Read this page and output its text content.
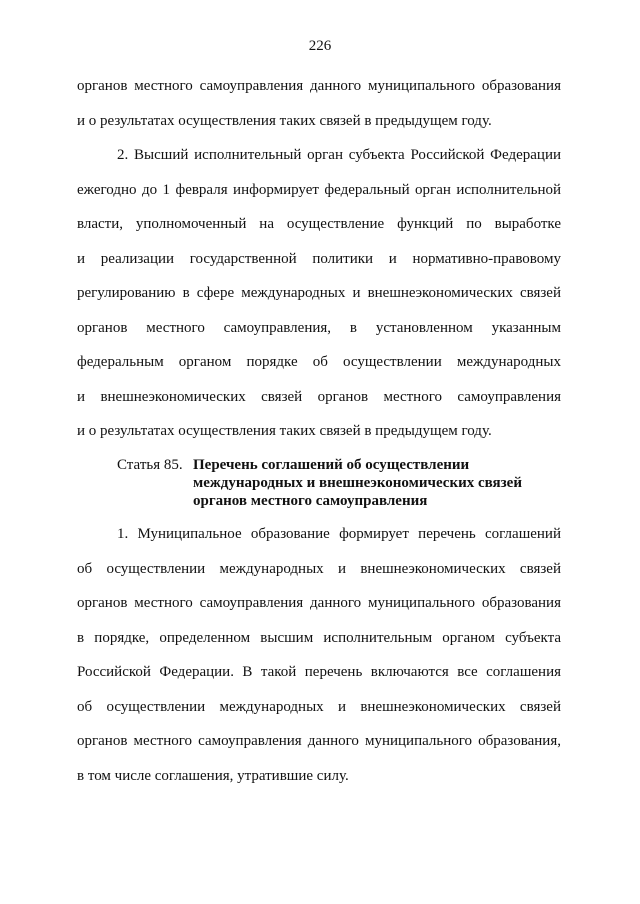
226
органов местного самоуправления данного муниципального образования
и о результатах осуществления таких связей в предыдущем году.
2. Высший исполнительный орган субъекта Российской Федерации
ежегодно до 1 февраля информирует федеральный орган исполнительной
власти, уполномоченный на осуществление функций по выработке
и реализации государственной политики и нормативно-правовому
регулированию в сфере международных и внешнеэкономических связей
органов местного самоуправления, в установленном указанным
федеральным органом порядке об осуществлении международных
и внешнеэкономических связей органов местного самоуправления
и о результатах осуществления таких связей в предыдущем году.
Статья 85. Перечень соглашений об осуществлении
международных и внешнеэкономических связей
органов местного самоуправления
1. Муниципальное образование формирует перечень соглашений
об осуществлении международных и внешнеэкономических связей
органов местного самоуправления данного муниципального образования
в порядке, определенном высшим исполнительным органом субъекта
Российской Федерации. В такой перечень включаются все соглашения
об осуществлении международных и внешнеэкономических связей
органов местного самоуправления данного муниципального образования,
в том числе соглашения, утратившие силу.
